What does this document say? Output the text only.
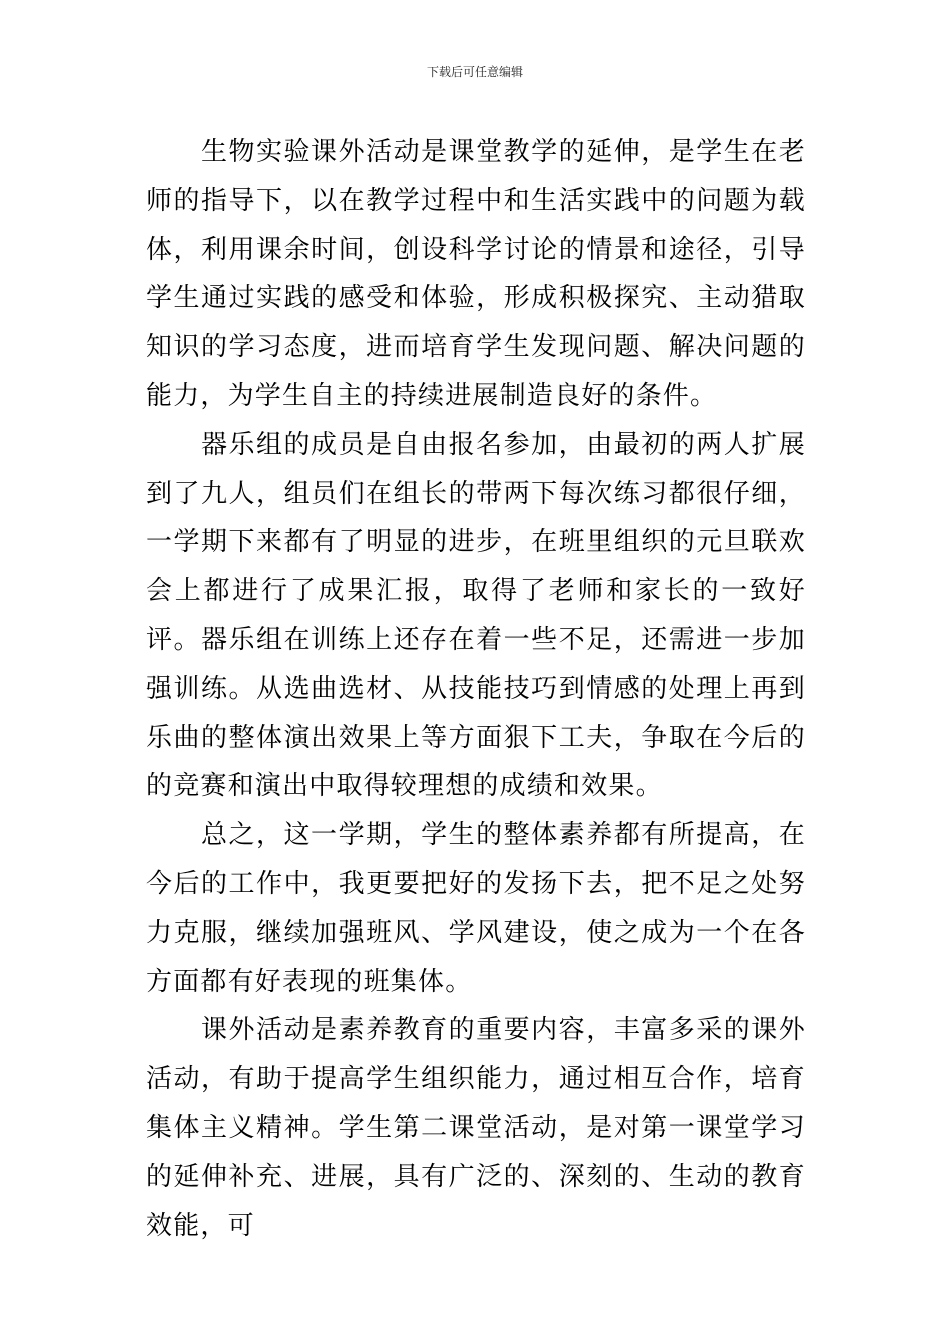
下载后可任意编辑

生物实验课外活动是课堂教学的延伸，是学生在老师的指导下，以在教学过程中和生活实践中的问题为载体，利用课余时间，创设科学讨论的情景和途径，引导学生通过实践的感受和体验，形成积极探究、主动猎取知识的学习态度，进而培育学生发现问题、解决问题的能力，为学生自主的持续进展制造良好的条件。

器乐组的成员是自由报名参加，由最初的两人扩展到了九人，组员们在组长的带两下每次练习都很仔细，一学期下来都有了明显的进步，在班里组织的元旦联欢会上都进行了成果汇报，取得了老师和家长的一致好评。器乐组在训练上还存在着一些不足，还需进一步加强训练。从选曲选材、从技能技巧到情感的处理上再到乐曲的整体演出效果上等方面狠下工夫，争取在今后的的竞赛和演出中取得较理想的成绩和效果。

总之，这一学期，学生的整体素养都有所提高，在今后的工作中，我更要把好的发扬下去，把不足之处努力克服，继续加强班风、学风建设，使之成为一个在各方面都有好表现的班集体。

课外活动是素养教育的重要内容，丰富多采的课外活动，有助于提高学生组织能力，通过相互合作，培育集体主义精神。学生第二课堂活动，是对第一课堂学习的延伸补充、进展，具有广泛的、深刻的、生动的教育效能，可
